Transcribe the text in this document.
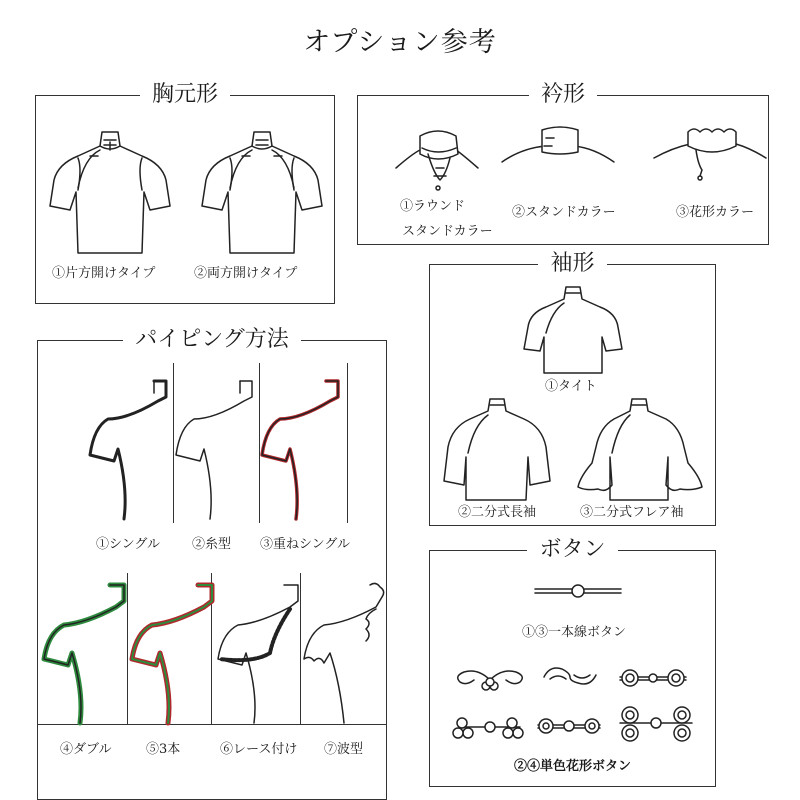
オプション参考
胸元形
①片方開けタイプ	②両方開けタイプ
衿形
①ラウンド
スタンドカラー
②スタンドカラー	③花形カラー
パイピング方法
①シングル ②糸型 ③重ねシングル
④ダブル	⑤3本	⑥レース付け ⑦波型
袖形
①タイト
②二分式長袖	③二分式フレア袖
ボタン
①③一本線ボタン
②④単色花形ボタン
